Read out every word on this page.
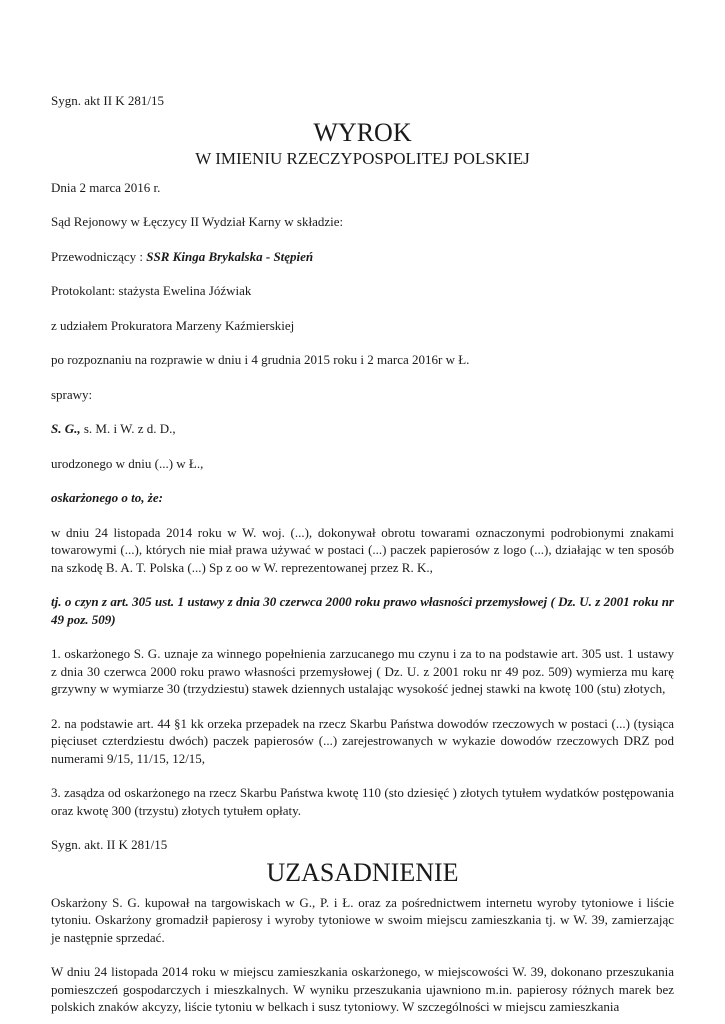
Sygn. akt II K 281/15

WYROK
W IMIENIU RZECZYPOSPOLITEJ POLSKIEJ

Dnia 2 marca 2016 r.

Sąd Rejonowy w Łęczycy II Wydział Karny w składzie:

Przewodniczący : SSR Kinga Brykalska - Stępień

Protokolant: stażysta Ewelina Jóźwiak

z udziałem Prokuratora Marzeny Kaźmierskiej

po rozpoznaniu na rozprawie w dniu i 4 grudnia 2015 roku i 2 marca 2016r w Ł.

sprawy:

S. G., s. M. i W. z d. D.,

urodzonego w dniu (...) w Ł.,

oskarżonego o to, że:

w dniu 24 listopada 2014 roku w W. woj. (...), dokonywał obrotu towarami oznaczonymi podrobionymi znakami towarowymi (...), których nie miał prawa używać w postaci (...) paczek papierosów z logo (...), działając w ten sposób na szkodę B. A. T. Polska (...) Sp z oo w W. reprezentowanej przez R. K.,

tj. o czyn z art. 305 ust. 1 ustawy z dnia 30 czerwca 2000 roku prawo własności przemysłowej ( Dz. U. z 2001 roku nr 49 poz. 509)

1. oskarżonego S. G. uznaje za winnego popełnienia zarzucanego mu czynu i za to na podstawie art. 305 ust. 1 ustawy z dnia 30 czerwca 2000 roku prawo własności przemysłowej ( Dz. U. z 2001 roku nr 49 poz. 509) wymierza mu karę grzywny w wymiarze 30 (trzydziestu) stawek dziennych ustalając wysokość jednej stawki na kwotę 100 (stu) złotych,

2. na podstawie art. 44 §1 kk orzeka przepadek na rzecz Skarbu Państwa dowodów rzeczowych w postaci (...) (tysiąca pięciuset czterdziestu dwóch) paczek papierosów (...) zarejestrowanych w wykazie dowodów rzeczowych DRZ pod numerami 9/15, 11/15, 12/15,

3. zasądza od oskarżonego na rzecz Skarbu Państwa kwotę 110 (sto dziesięć ) złotych tytułem wydatków postępowania oraz kwotę 300 (trzystu) złotych tytułem opłaty.

Sygn. akt. II K 281/15

UZASADNIENIE

Oskarżony S. G. kupował na targowiskach w G., P. i Ł. oraz za pośrednictwem internetu wyroby tytoniowe i liście tytoniu. Oskarżony gromadził papierosy i wyroby tytoniowe w swoim miejscu zamieszkania tj. w W. 39, zamierzając je następnie sprzedać.

W dniu 24 listopada 2014 roku w miejscu zamieszkania oskarżonego, w miejscowości W. 39, dokonano przeszukania pomieszczeń gospodarczych i mieszkalnych. W wyniku przeszukania ujawniono m.in. papierosy różnych marek bez polskich znaków akcyzy, liście tytoniu w belkach i susz tytoniowy. W szczególności w miejscu zamieszkania
